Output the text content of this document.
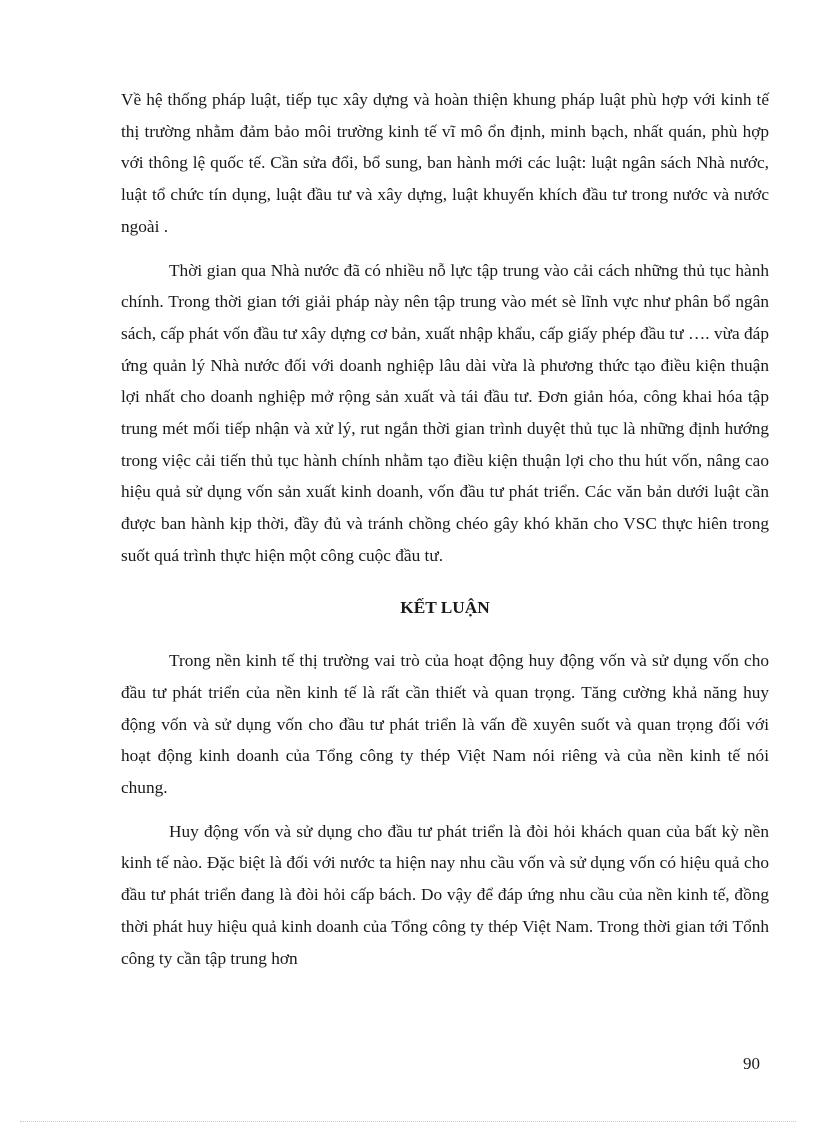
Về hệ thống pháp luật, tiếp tục xây dựng và hoàn thiện khung pháp luật phù hợp với kinh tế thị trường nhằm đảm bảo môi trường kinh tế vĩ mô ổn định, minh bạch, nhất quán, phù hợp với thông lệ quốc tế. Cần sửa đổi, bổ sung, ban hành mới các luật: luật ngân sách Nhà nước, luật tổ chức tín dụng, luật đầu tư và xây dựng, luật khuyến khích đầu tư trong nước và nước ngoài .

Thời gian qua Nhà nước đã có nhiều nỗ lực tập trung vào cải cách những thủ tục hành chính. Trong thời gian tới giải pháp này nên tập trung vào mét sè lĩnh vực như phân bổ ngân sách, cấp phát vốn đầu tư xây dựng cơ bản, xuất nhập khẩu, cấp giấy phép đầu tư …. vừa đáp ứng quản lý Nhà nước đối với doanh nghiệp lâu dài vừa là phương thức tạo điều kiện thuận lợi nhất cho doanh nghiệp mở rộng sản xuất và tái đầu tư. Đơn giản hóa, công khai hóa tập trung mét mối tiếp nhận và xử lý, rut ngắn thời gian trình duyệt thủ tục là những định hướng trong việc cải tiến thủ tục hành chính nhằm tạo điều kiện thuận lợi cho thu hút vốn, nâng cao hiệu quả sử dụng vốn sản xuất kinh doanh, vốn đầu tư phát triển. Các văn bản dưới luật cần được ban hành kịp thời, đầy đủ và tránh chồng chéo gây khó khăn cho VSC thực hiên trong suốt quá trình thực hiện một công cuộc đầu tư.

KẾT LUẬN

Trong nền kinh tế thị trường vai trò của hoạt động huy động vốn và sử dụng vốn cho đầu tư phát triển của nền kinh tế là rất cần thiết và quan trọng. Tăng cường khả năng huy động vốn và sử dụng vốn cho đầu tư phát triển là vấn đề xuyên suốt và quan trọng đối với hoạt động kinh doanh của Tổng công ty thép Việt Nam nói riêng và của nền kinh tế nói chung.

Huy động vốn và sử dụng cho đầu tư phát triển là đòi hỏi khách quan của bất kỳ nền kinh tế nào. Đặc biệt là đối với nước ta hiện nay nhu cầu vốn và sử dụng vốn có hiệu quả cho đầu tư phát triển đang là đòi hỏi cấp bách. Do vậy để đáp ứng nhu cầu của nền kinh tế, đồng thời phát huy hiệu quả kinh doanh của Tổng công ty thép Việt Nam. Trong thời gian tới Tổnh công ty cần tập trung hơn

90
